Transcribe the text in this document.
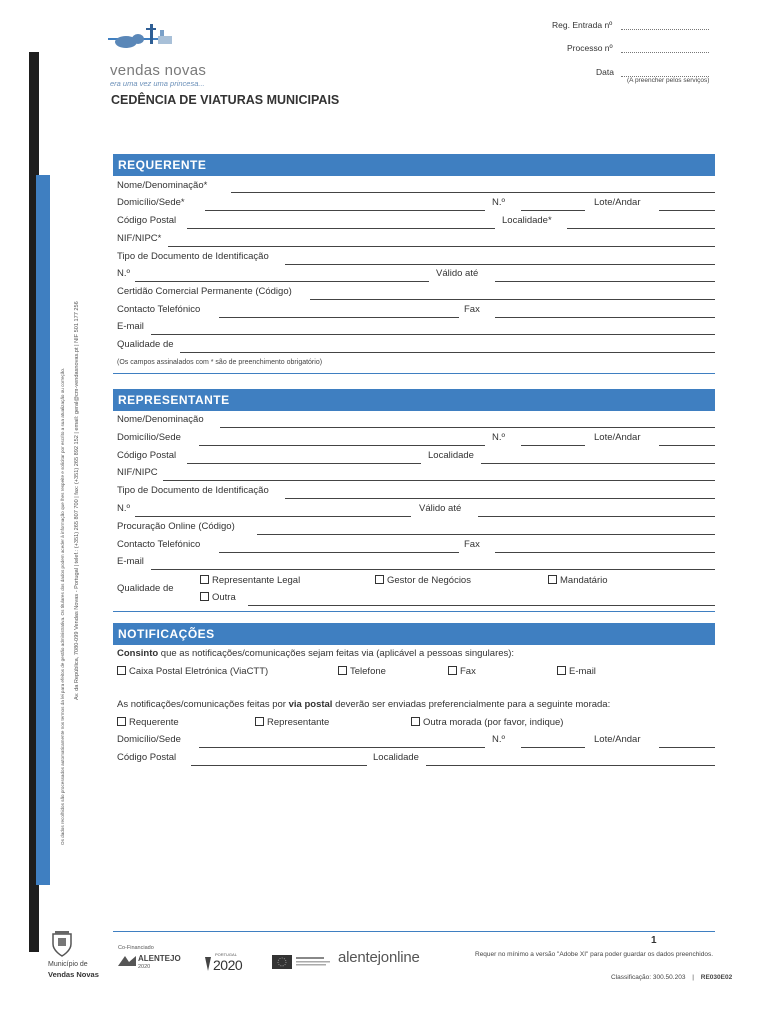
Av. da República, 7080-099 Vendas Novas - Portugal | telef.: (+351) 265 807 700 | fax: (+351) 265 892 152 | email: geral@cm-vendasnovas.pt | NIF 501 177 256
Os dados recolhidos são processados automaticamente nos termos da lei para efeitos de gestão administrativa. Os titulares dos dados podem aceder à informação que lhes respeite e solicitar por escrito a sua atualização ou correção.
vendas novas
era uma vez uma princesa...
CEDÊNCIA DE VIATURAS MUNICIPAIS
Reg. Entrada nº
Processo nº
Data
(A preencher pelos serviços)
REQUERENTE
Nome/Denominação*
Domicílio/Sede*	N.º	Lote/Andar
Código Postal	Localidade*
NIF/NIPC*
Tipo de Documento de Identificação
N.º	Válido até
Certidão Comercial Permanente (Código)
Contacto Telefónico	Fax
E-mail
Qualidade de
(Os campos assinalados com * são de preenchimento obrigatório)
REPRESENTANTE
Nome/Denominação
Domicílio/Sede	N.º	Lote/Andar
Código Postal	Localidade
NIF/NIPC
Tipo de Documento de Identificação
N.º	Válido até
Procuração Online (Código)
Contacto Telefónico	Fax
E-mail
Qualidade de
Representante Legal	Gestor de Negócios	Mandatário
Outra
NOTIFICAÇÕES
Consinto que as notificações/comunicações sejam feitas via (aplicável a pessoas singulares):
Caixa Postal Eletrónica (ViaCTT)	Telefone	Fax	E-mail
As notificações/comunicações feitas por via postal deverão ser enviadas preferencialmente para a seguinte morada:
Requerente	Representante	Outra morada (por favor, indique)
Domicílio/Sede	N.º	Lote/Andar
Código Postal	Localidade
Município de
Vendas Novas
Co-Financiado
ALENTEJO
2020
PORTUGAL
2020	alentejonline
1
Requer no mínimo a versão "Adobe XI" para poder guardar os dados preenchidos.
Classificação: 300.50.203 | RE030E02
